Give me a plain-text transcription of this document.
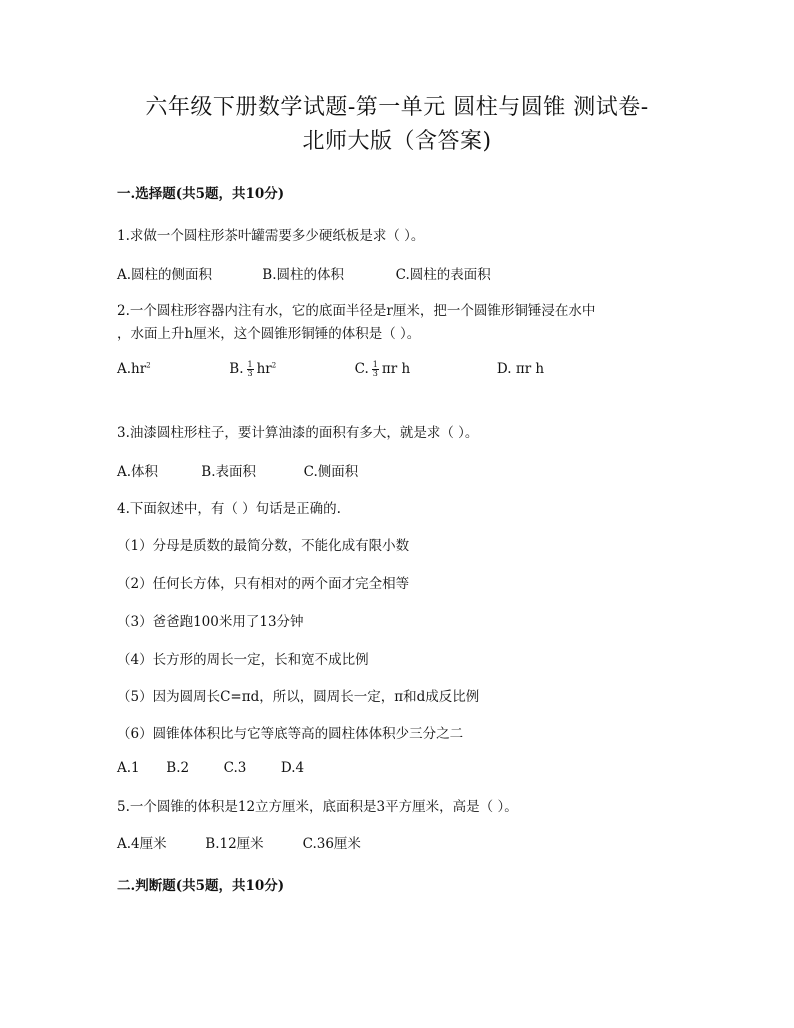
六年级下册数学试题-第一单元 圆柱与圆锥 测试卷-
北师大版（含答案)
一.选择题(共5题，共10分)
1.求做一个圆柱形茶叶罐需要多少硬纸板是求（ ）。
A.圆柱的侧面积	B.圆柱的体积	C.圆柱的表面积
2.一个圆柱形容器内注有水，它的底面半径是r厘米，把一个圆锥形铜锤浸在水中
，水面上升h厘米，这个圆锥形铜锤的体积是（ ）。
$A.hr^2$	B. $\frac{1}{3} hr^2$	C. $\frac{1}{3}$ πr h	D. πr h
3.油漆圆柱形柱子，要计算油漆的面积有多大，就是求（ ）。
A.体积	B.表面积	C.侧面积
4.下面叙述中，有（ ）句话是正确的.
（1）分母是质数的最简分数，不能化成有限小数
（2）任何长方体，只有相对的两个面才完全相等
（3）爸爸跑100米用了13分钟
（4）长方形的周长一定，长和宽不成比例
（5）因为圆周长C=πd，所以，圆周长一定，π和d成反比例
（6）圆锥体体积比与它等底等高的圆柱体体积少三分之二
A.1 B.2	C.3	D.4
5.一个圆锥的体积是12立方厘米，底面积是3平方厘米，高是（ ）。
A.4厘米	B.12厘米	C.36厘米
二.判断题(共5题，共10分)
